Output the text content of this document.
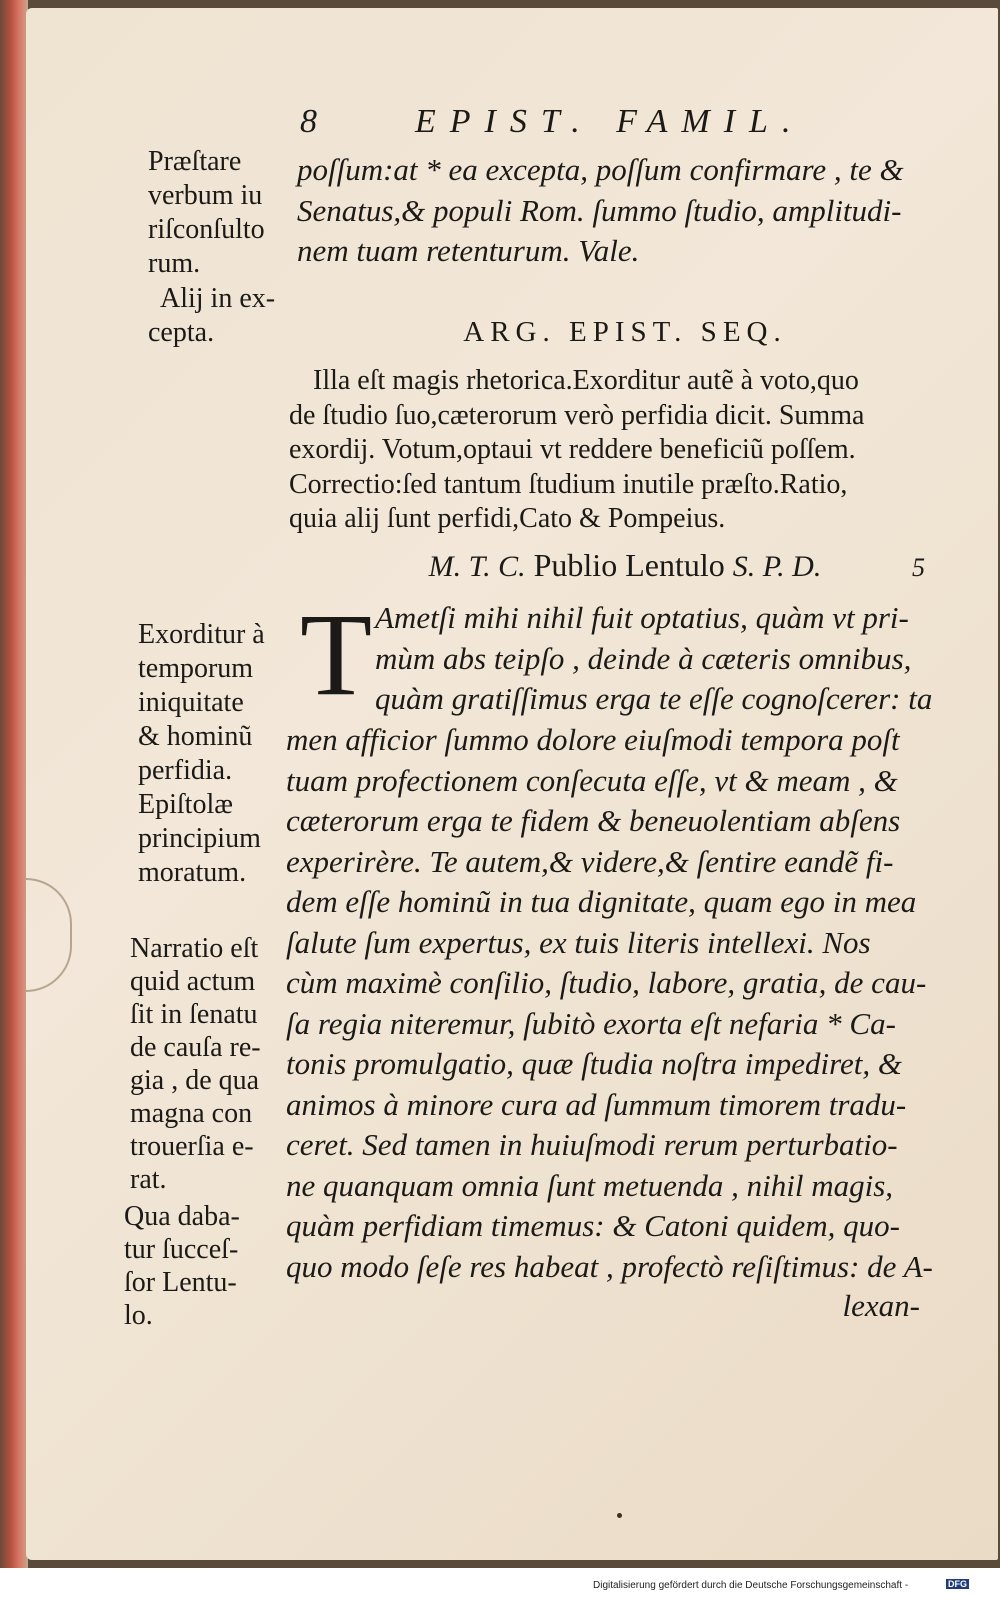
8	EPIST. FAMIL.
Præſtare
verbum iu
riſconſulto
rum.
Alij in ex-
cepta.
Exorditur à
temporum
iniquitate
& hominũ
perfidia.
Epiſtolæ
principium
moratum.
Narratio eſt
quid actum
ſit in ſenatu
de cauſa re-
gia , de qua
magna con
trouerſia e-
rat.
Qua daba-
tur ſucceſ-
ſor Lentu-
lo.
poſſum:at * ea excepta, poſſum confirmare , te &
Senatus,& populi Rom. ſummo ſtudio, amplitudi-
nem tuam retenturum. Vale.
ARG. EPIST. SEQ.
Illa eſt magis rhetorica.Exorditur autẽ à voto,quo
de ſtudio ſuo,cæterorum verò perfidia dicit. Summa
exordij. Votum,optaui vt reddere beneficiũ poſſem.
Correctio:ſed tantum ſtudium inutile præſto.Ratio,
quia alij ſunt perfidi,Cato & Pompeius.
M. T. C. Publio Lentulo S. P. D.	5
T Ametſi mihi nihil fuit optatius, quàm vt pri-
mùm abs teipſo , deinde à cæteris omnibus,
quàm gratiſſimus erga te eſſe cognoſcerer: ta
men afficior ſummo dolore eiuſmodi tempora poſt
tuam profectionem conſecuta eſſe, vt & meam , &
cæterorum erga te fidem & beneuolentiam abſens
experirère. Te autem,& videre,& ſentire eandẽ fi-
dem eſſe hominũ in tua dignitate, quam ego in mea
ſalute ſum expertus, ex tuis literis intellexi. Nos
cùm maximè conſilio, ſtudio, labore, gratia, de cau-
ſa regia niteremur, ſubitò exorta eſt nefaria * Ca-
tonis promulgatio, quæ ſtudia noſtra impediret, &
animos à minore cura ad ſummum timorem tradu-
ceret. Sed tamen in huiuſmodi rerum perturbatio-
ne quanquam omnia ſunt metuenda , nihil magis,
quàm perfidiam timemus: & Catoni quidem, quo-
quo modo ſeſe res habeat , profectò reſiſtimus: de A-
lexan-
Digitalisierung gefördert durch die Deutsche Forschungsgemeinschaft -	DFG
